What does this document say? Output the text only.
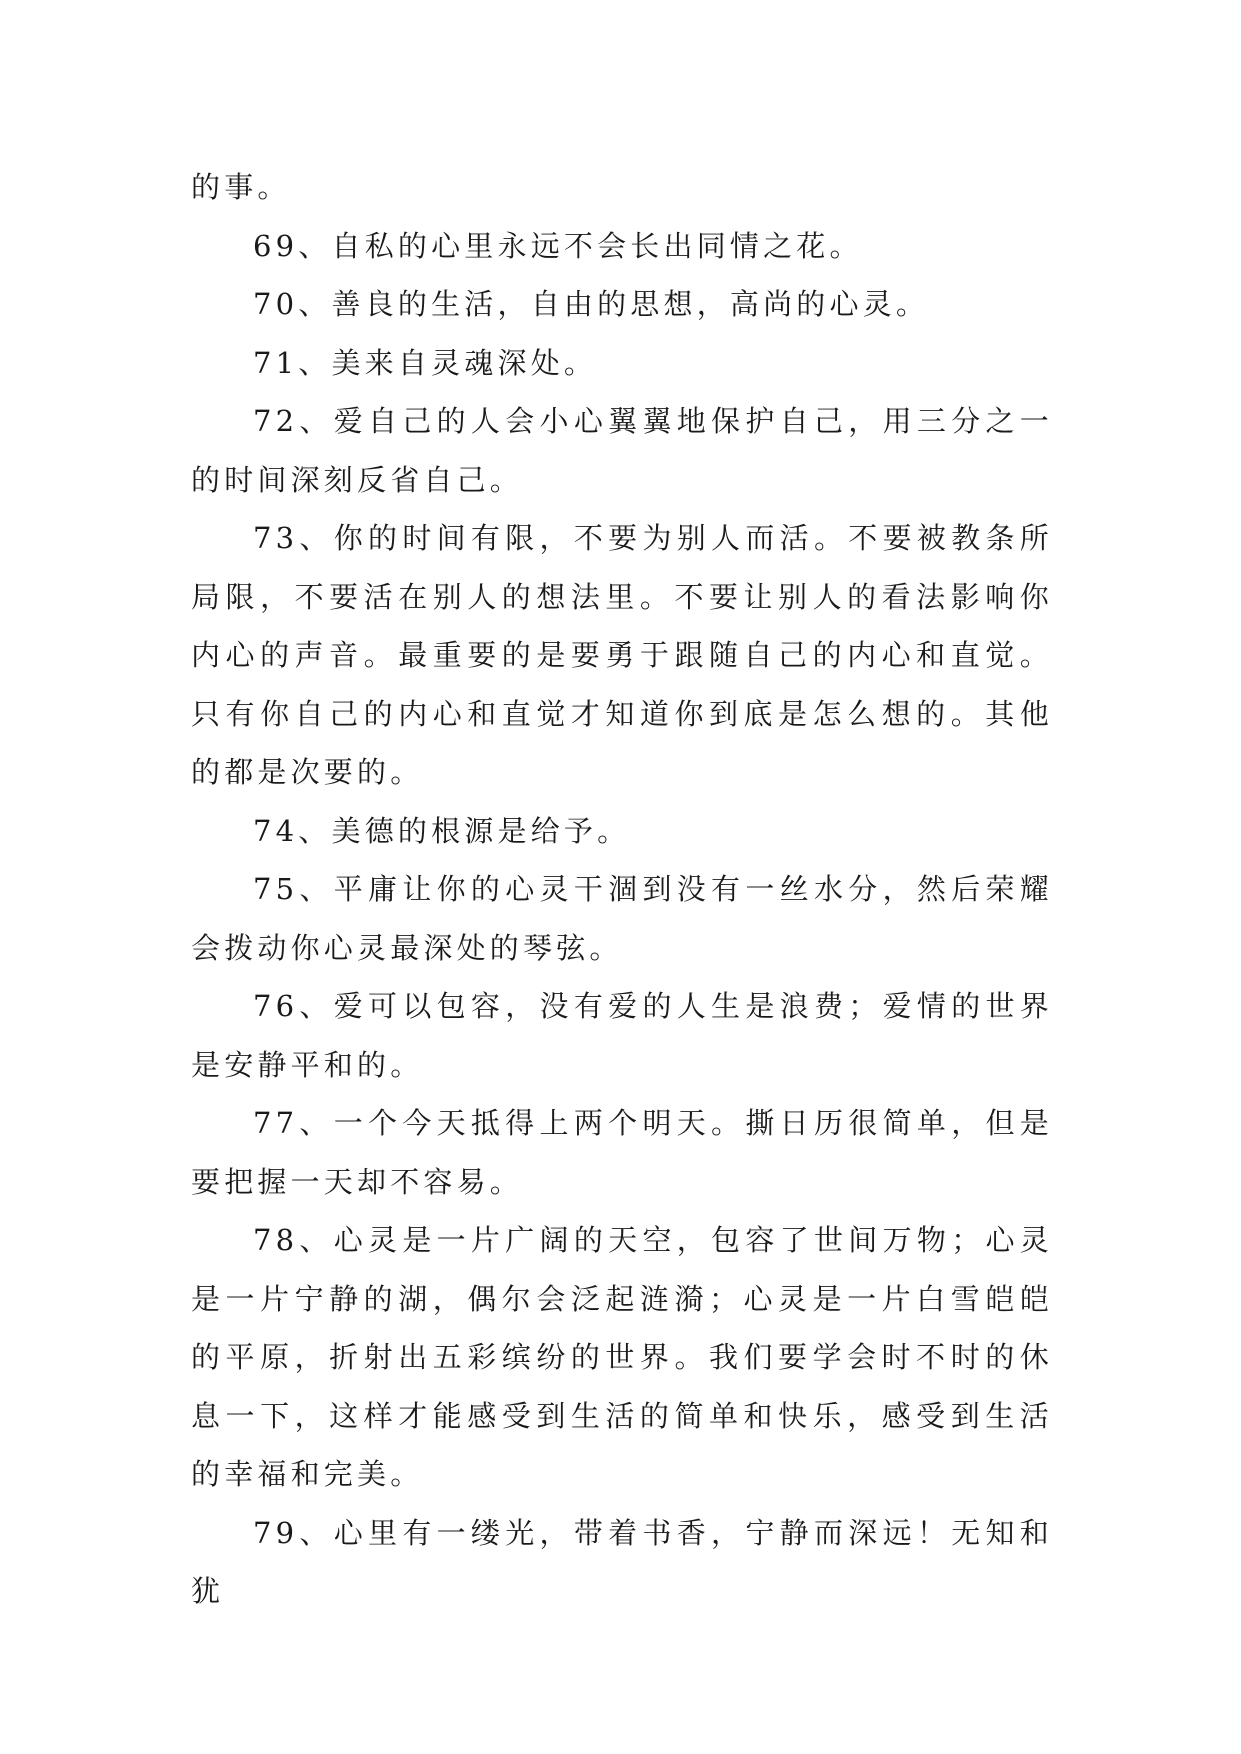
的事。

69、自私的心里永远不会长出同情之花。

70、善良的生活，自由的思想，高尚的心灵。

71、美来自灵魂深处。

72、爱自己的人会小心翼翼地保护自己，用三分之一的时间深刻反省自己。

73、你的时间有限，不要为别人而活。不要被教条所局限，不要活在别人的想法里。不要让别人的看法影响你内心的声音。最重要的是要勇于跟随自己的内心和直觉。只有你自己的内心和直觉才知道你到底是怎么想的。其他的都是次要的。

74、美德的根源是给予。

75、平庸让你的心灵干涸到没有一丝水分，然后荣耀会拨动你心灵最深处的琴弦。

76、爱可以包容，没有爱的人生是浪费；爱情的世界是安静平和的。

77、一个今天抵得上两个明天。撕日历很简单，但是要把握一天却不容易。

78、心灵是一片广阔的天空，包容了世间万物；心灵是一片宁静的湖，偶尔会泛起涟漪；心灵是一片白雪皑皑的平原，折射出五彩缤纷的世界。我们要学会时不时的休息一下，这样才能感受到生活的简单和快乐，感受到生活的幸福和完美。

79、心里有一缕光，带着书香，宁静而深远！无知和犹
